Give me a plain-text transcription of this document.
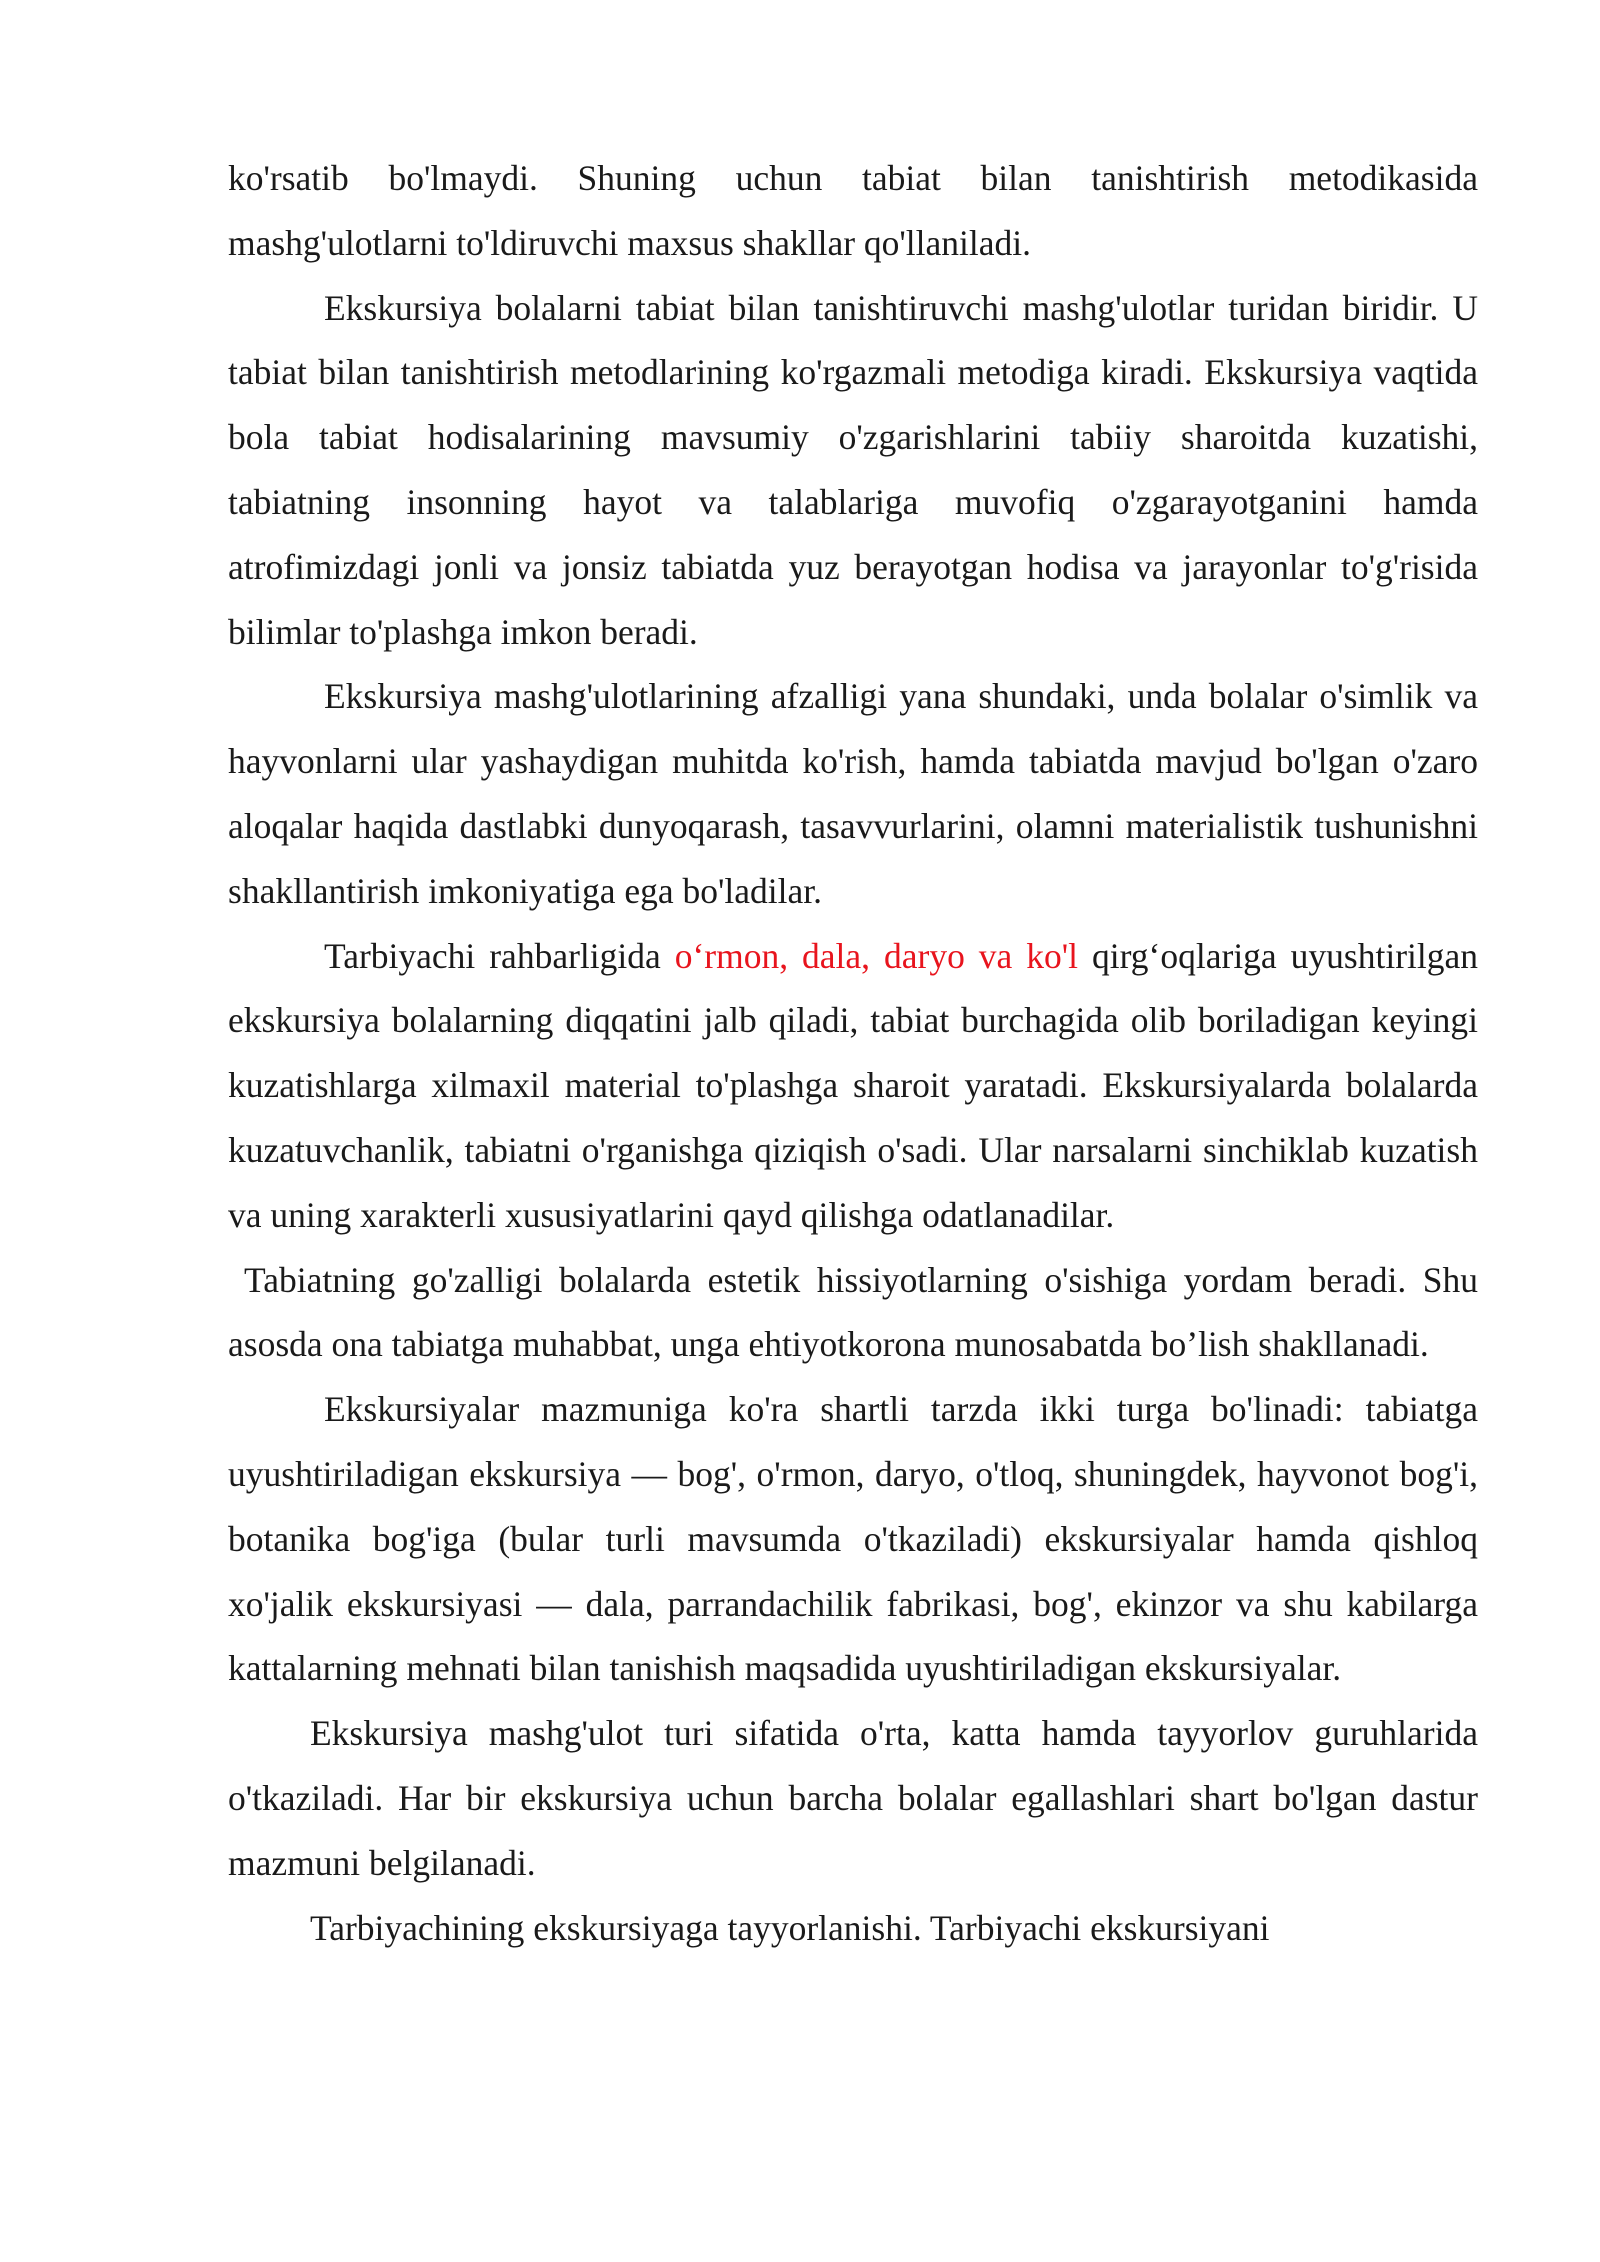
ko'rsatib bo'lmaydi. Shuning uchun tabiat bilan tanishtirish metodikasida mashg'ulotlarni to'ldiruvchi maxsus shakllar qo'llaniladi.

Ekskursiya bolalarni tabiat bilan tanishtiruvchi mashg'ulotlar turidan biridir. U tabiat bilan tanishtirish metodlarining ko'rgazmali metodiga kiradi. Ekskursiya vaqtida bola tabiat hodisalarining mavsumiy o'zgarishlarini tabiiy sharoitda kuzatishi, tabiatning insonning hayot va talablariga muvofiq o'zgarayotganini hamda atrofimizdagi jonli va jonsiz tabiatda yuz berayotgan hodisa va jarayonlar to'g'risida bilimlar to'plashga imkon beradi.

Ekskursiya mashg'ulotlarining afzalligi yana shundaki, unda bolalar o'simlik va hayvonlarni ular yashaydigan muhitda ko'rish, hamda tabiatda mavjud bo'lgan o'zaro aloqalar haqida dastlabki dunyoqarash, tasavvurlarini, olamni materialistik tushunishni shakllantirish imkoniyatiga ega bo'ladilar.

Tarbiyachi rahbarligida o‘rmon, dala, daryo va ko'l qirg‘oqlariga uyushtirilgan ekskursiya bolalarning diqqatini jalb qiladi, tabiat burchagida olib boriladigan keyingi kuzatishlarga xilmaxil material to'plashga sharoit yaratadi. Ekskursiyalarda bolalarda kuzatuvchanlik, tabiatni o'rganishga qiziqish o'sadi. Ular narsalarni sinchiklab kuzatish va uning xarakterli xususiyatlarini qayd qilishga odatlanadilar.

Tabiatning go'zalligi bolalarda estetik hissiyotlarning o'sishiga yordam beradi. Shu asosda ona tabiatga muhabbat, unga ehtiyotkorona munosabatda bo’lish shakllanadi.

Ekskursiyalar mazmuniga ko'ra shartli tarzda ikki turga bo'linadi: tabiatga uyushtiriladigan ekskursiya — bog', o'rmon, daryo, o'tloq, shuningdek, hayvonot bog'i, botanika bog'iga (bular turli mavsumda o'tkaziladi) ekskursiyalar hamda qishloq xo'jalik ekskursiyasi — dala, parrandachilik fabrikasi, bog', ekinzor va shu kabilarga kattalarning mehnati bilan tanishish maqsadida uyushtiriladigan ekskursiyalar.

Ekskursiya mashg'ulot turi sifatida o'rta, katta hamda tayyorlov guruhlarida o'tkaziladi. Har bir ekskursiya uchun barcha bolalar egallashlari shart bo'lgan dastur mazmuni belgilanadi.

Tarbiyachining ekskursiyaga tayyorlanishi. Tarbiyachi ekskursiyani
